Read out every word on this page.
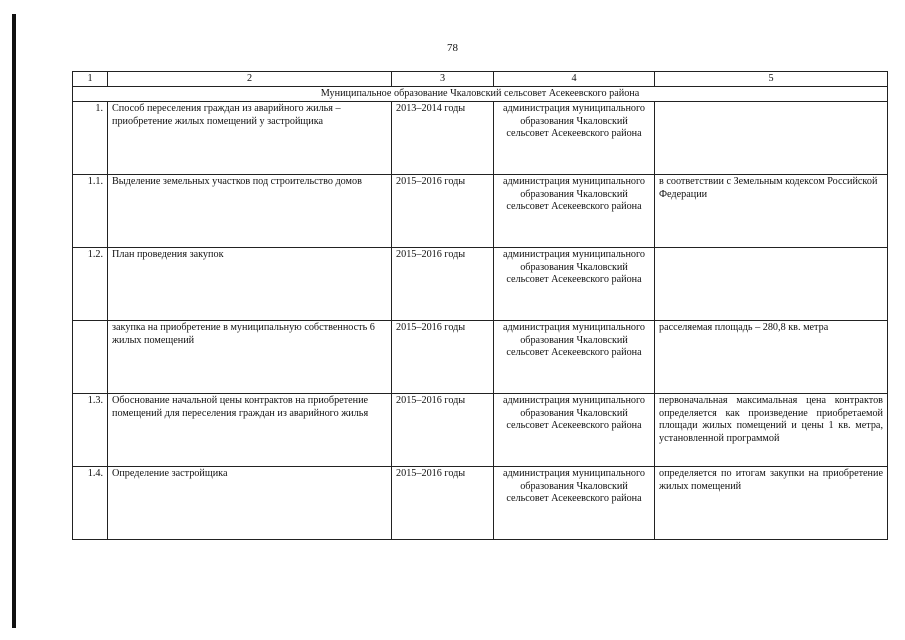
78
1	2	3	4	5
Муниципальное образование Чкаловский сельсовет Асекеевского района				
1.	Способ переселения граждан из аварийного жилья – приобретение жилых помещений у застройщика	2013–2014 годы	администрация муниципального образования Чкаловский сельсовет Асекеевского района	
1.1.	Выделение земельных участков под строительство домов	2015–2016 годы	администрация муниципального образования Чкаловский сельсовет Асекеевского района	в соответствии с Земельным кодексом Российской Федерации
1.2.	План проведения закупок	2015–2016 годы	администрация муниципального образования Чкаловский сельсовет Асекеевского района	
	закупка на приобретение в муниципальную собственность 6 жилых помещений	2015–2016 годы	администрация муниципального образования Чкаловский сельсовет Асекеевского района	расселяемая площадь – 280,8 кв. метра
1.3.	Обоснование начальной цены контрактов на приобретение помещений для переселения граждан из аварийного жилья	2015–2016 годы	администрация муниципального образования Чкаловский сельсовет Асекеевского района	первоначальная максимальная цена контрактов определяется как произведение приобретаемой площади жилых помещений и цены 1 кв. метра, установленной программой
1.4.	Определение застройщика	2015–2016 годы	администрация муниципального образования Чкаловский сельсовет Асекеевского района	определяется по итогам закупки на приобретение жилых помещений
